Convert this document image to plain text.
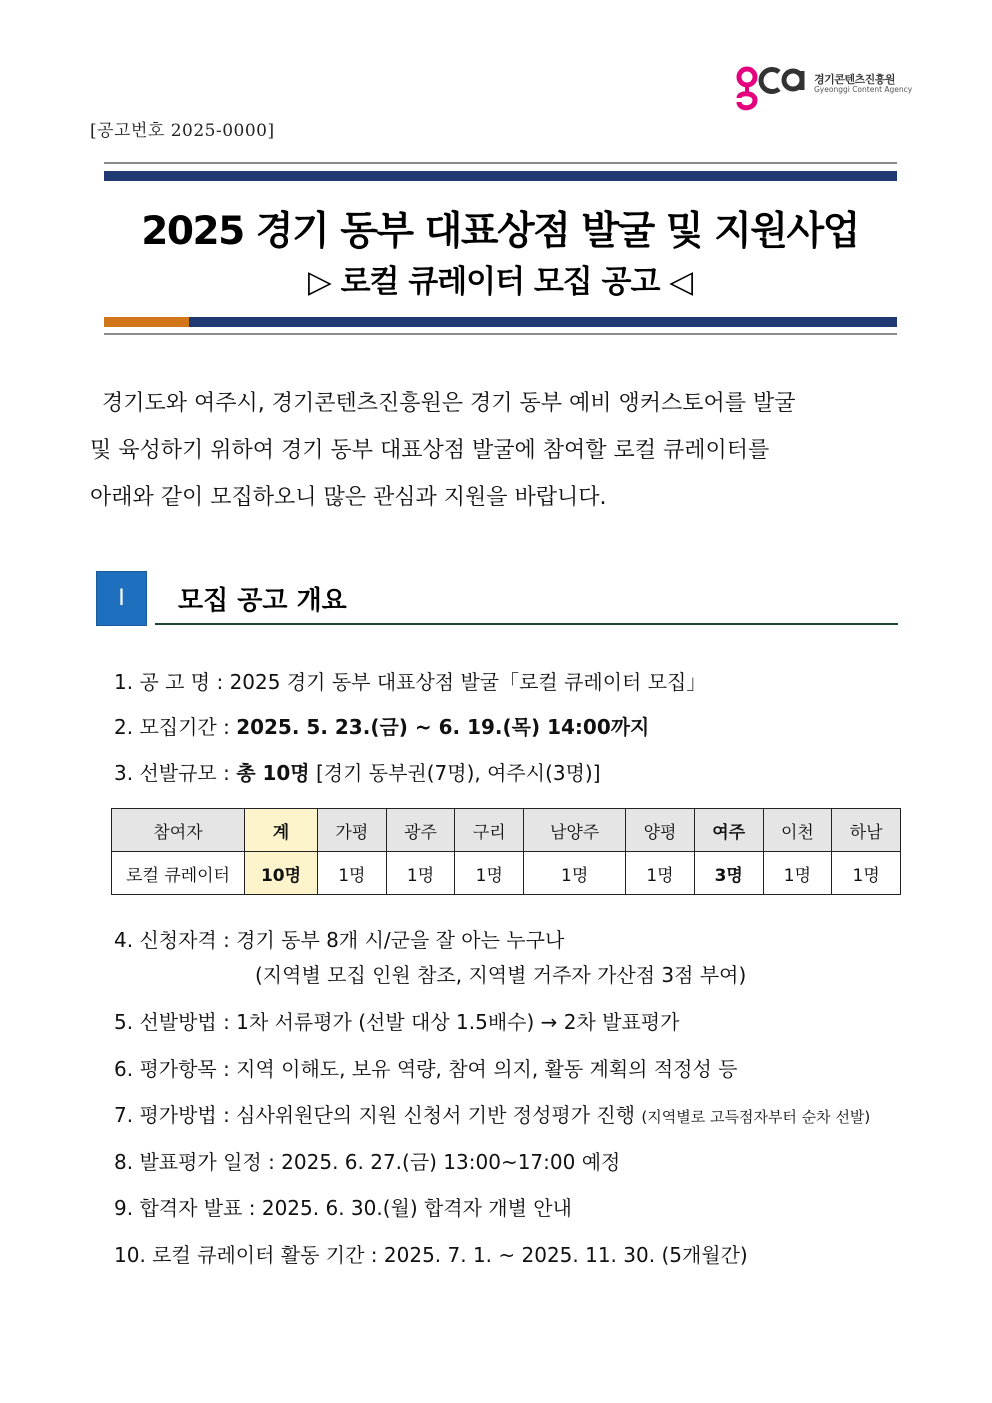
경기콘텐츠진흥원
Gyeonggi Content Agency
[공고번호 2025-0000]
2025 경기 동부 대표상점 발굴 및 지원사업
▷ 로컬 큐레이터 모집 공고 ◁
경기도와 여주시, 경기콘텐츠진흥원은 경기 동부 예비 앵커스토어를 발굴
및 육성하기 위하여 경기 동부 대표상점 발굴에 참여할 로컬 큐레이터를
아래와 같이 모집하오니 많은 관심과 지원을 바랍니다.
Ⅰ	모집 공고 개요
1. 공 고 명 : 2025 경기 동부 대표상점 발굴「로컬 큐레이터 모집」
2. 모집기간 : 2025. 5. 23.(금) ~ 6. 19.(목) 14:00까지
3. 선발규모 : 총 10명 [경기 동부권(7명), 여주시(3명)]
참여자	계	가평	광주	구리	남양주	양평	여주	이천	하남
로컬 큐레이터	10명	1명	1명	1명	1명	1명	3명	1명	1명
4. 신청자격 : 경기 동부 8개 시/군을 잘 아는 누구나
(지역별 모집 인원 참조, 지역별 거주자 가산점 3점 부여)
5. 선발방법 : 1차 서류평가 (선발 대상 1.5배수) → 2차 발표평가
6. 평가항목 : 지역 이해도, 보유 역량, 참여 의지, 활동 계획의 적정성 등
7. 평가방법 : 심사위원단의 지원 신청서 기반 정성평가 진행 (지역별로 고득점자부터 순차 선발)
8. 발표평가 일정 : 2025. 6. 27.(금) 13:00~17:00 예정
9. 합격자 발표 : 2025. 6. 30.(월) 합격자 개별 안내
10. 로컬 큐레이터 활동 기간 : 2025. 7. 1. ~ 2025. 11. 30. (5개월간)
